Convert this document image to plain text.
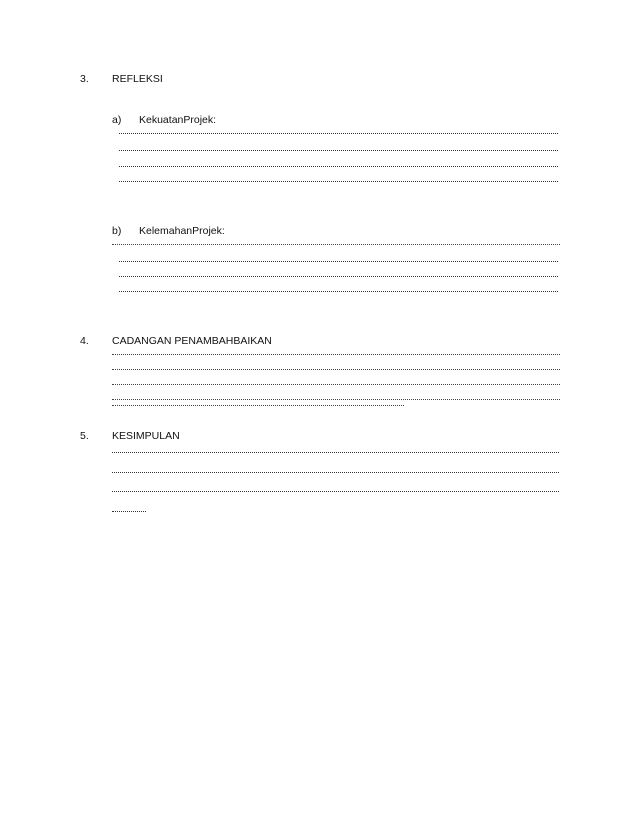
3. REFLEKSI
a) KekuatanProjek:
b) KelemahanProjek:
4. CADANGAN PENAMBAHBAIKAN
5. KESIMPULAN
